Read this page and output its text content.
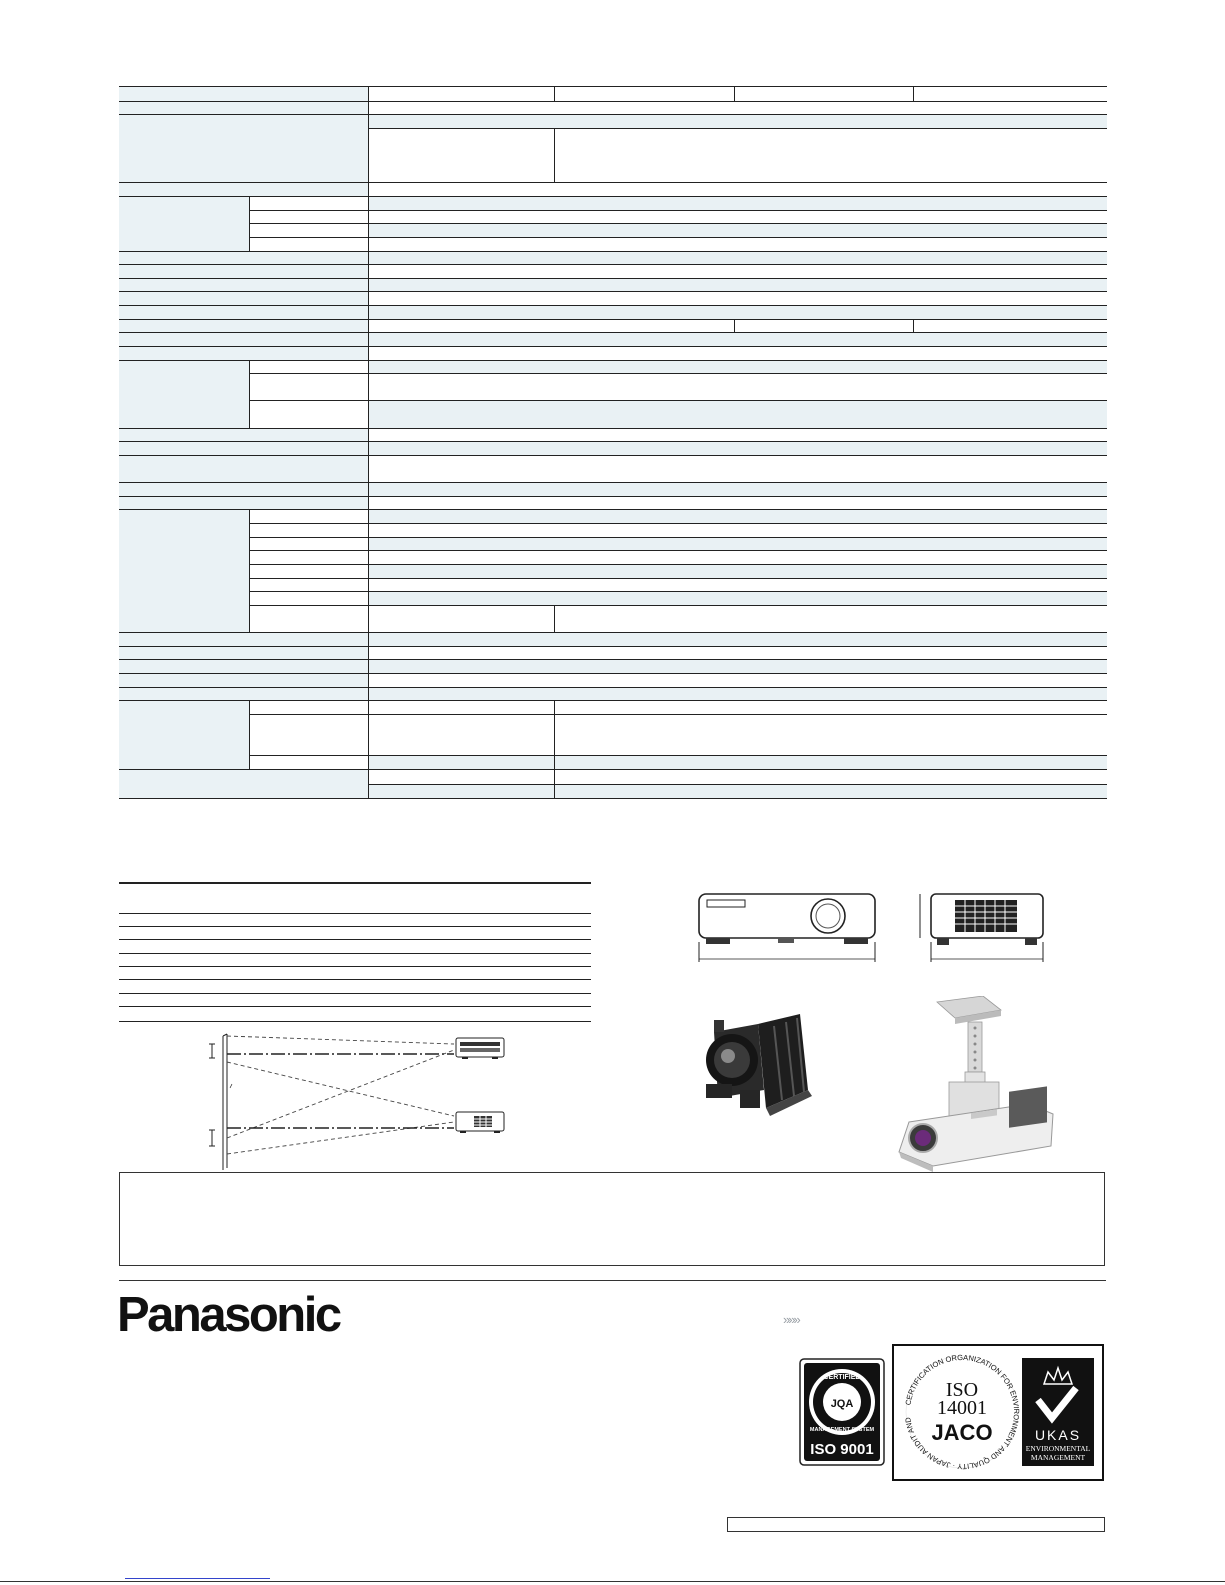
Panasonic	»»»
CERTIFIED
MANAGEMENT SYSTEM
JQA
ISO 9001
CERTIFICATION ORGANIZATION FOR ENVIRONMENT AND QUALITY · JAPAN AUDIT AND
ISO
14001
JACO	UKAS
ENVIRONMENTAL
MANAGEMENT
